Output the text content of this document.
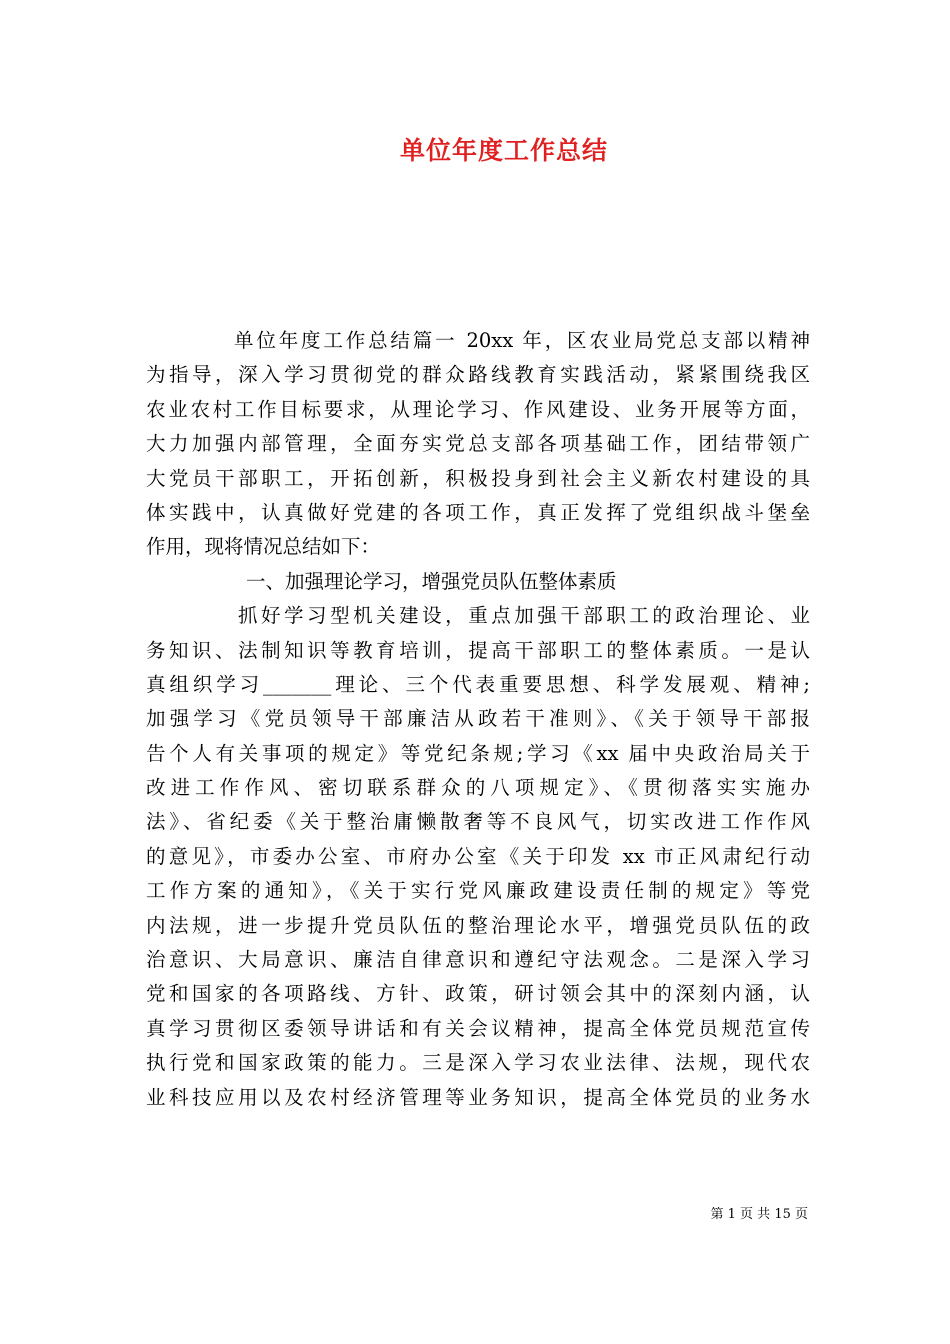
单位年度工作总结
单位年度工作总结篇一 20xx 年，区农业局党总支部以精神
为指导，深入学习贯彻党的群众路线教育实践活动，紧紧围绕我区
农业农村工作目标要求，从理论学习、作风建设、业务开展等方面，
大力加强内部管理，全面夯实党总支部各项基础工作，团结带领广
大党员干部职工，开拓创新，积极投身到社会主义新农村建设的具
体实践中，认真做好党建的各项工作，真正发挥了党组织战斗堡垒
作用，现将情况总结如下：
一、加强理论学习，增强党员队伍整体素质
抓好学习型机关建设，重点加强干部职工的政治理论、业
务知识、法制知识等教育培训，提高干部职工的整体素质。一是认
真组织学习_______理论、三个代表重要思想、科学发展观、精神;
加强学习《党员领导干部廉洁从政若干准则》、《关于领导干部报
告个人有关事项的规定》等党纪条规;学习《xx 届中央政治局关于
改进工作作风、密切联系群众的八项规定》、《贯彻落实实施办
法》、省纪委《关于整治庸懒散奢等不良风气，切实改进工作作风
的意见》，市委办公室、市府办公室《关于印发 xx 市正风肃纪行动
工作方案的通知》，《关于实行党风廉政建设责任制的规定》等党
内法规，进一步提升党员队伍的整治理论水平，增强党员队伍的政
治意识、大局意识、廉洁自律意识和遵纪守法观念。二是深入学习
党和国家的各项路线、方针、政策，研讨领会其中的深刻内涵，认
真学习贯彻区委领导讲话和有关会议精神，提高全体党员规范宣传
执行党和国家政策的能力。三是深入学习农业法律、法规，现代农
业科技应用以及农村经济管理等业务知识，提高全体党员的业务水
第 1 页 共 15 页
